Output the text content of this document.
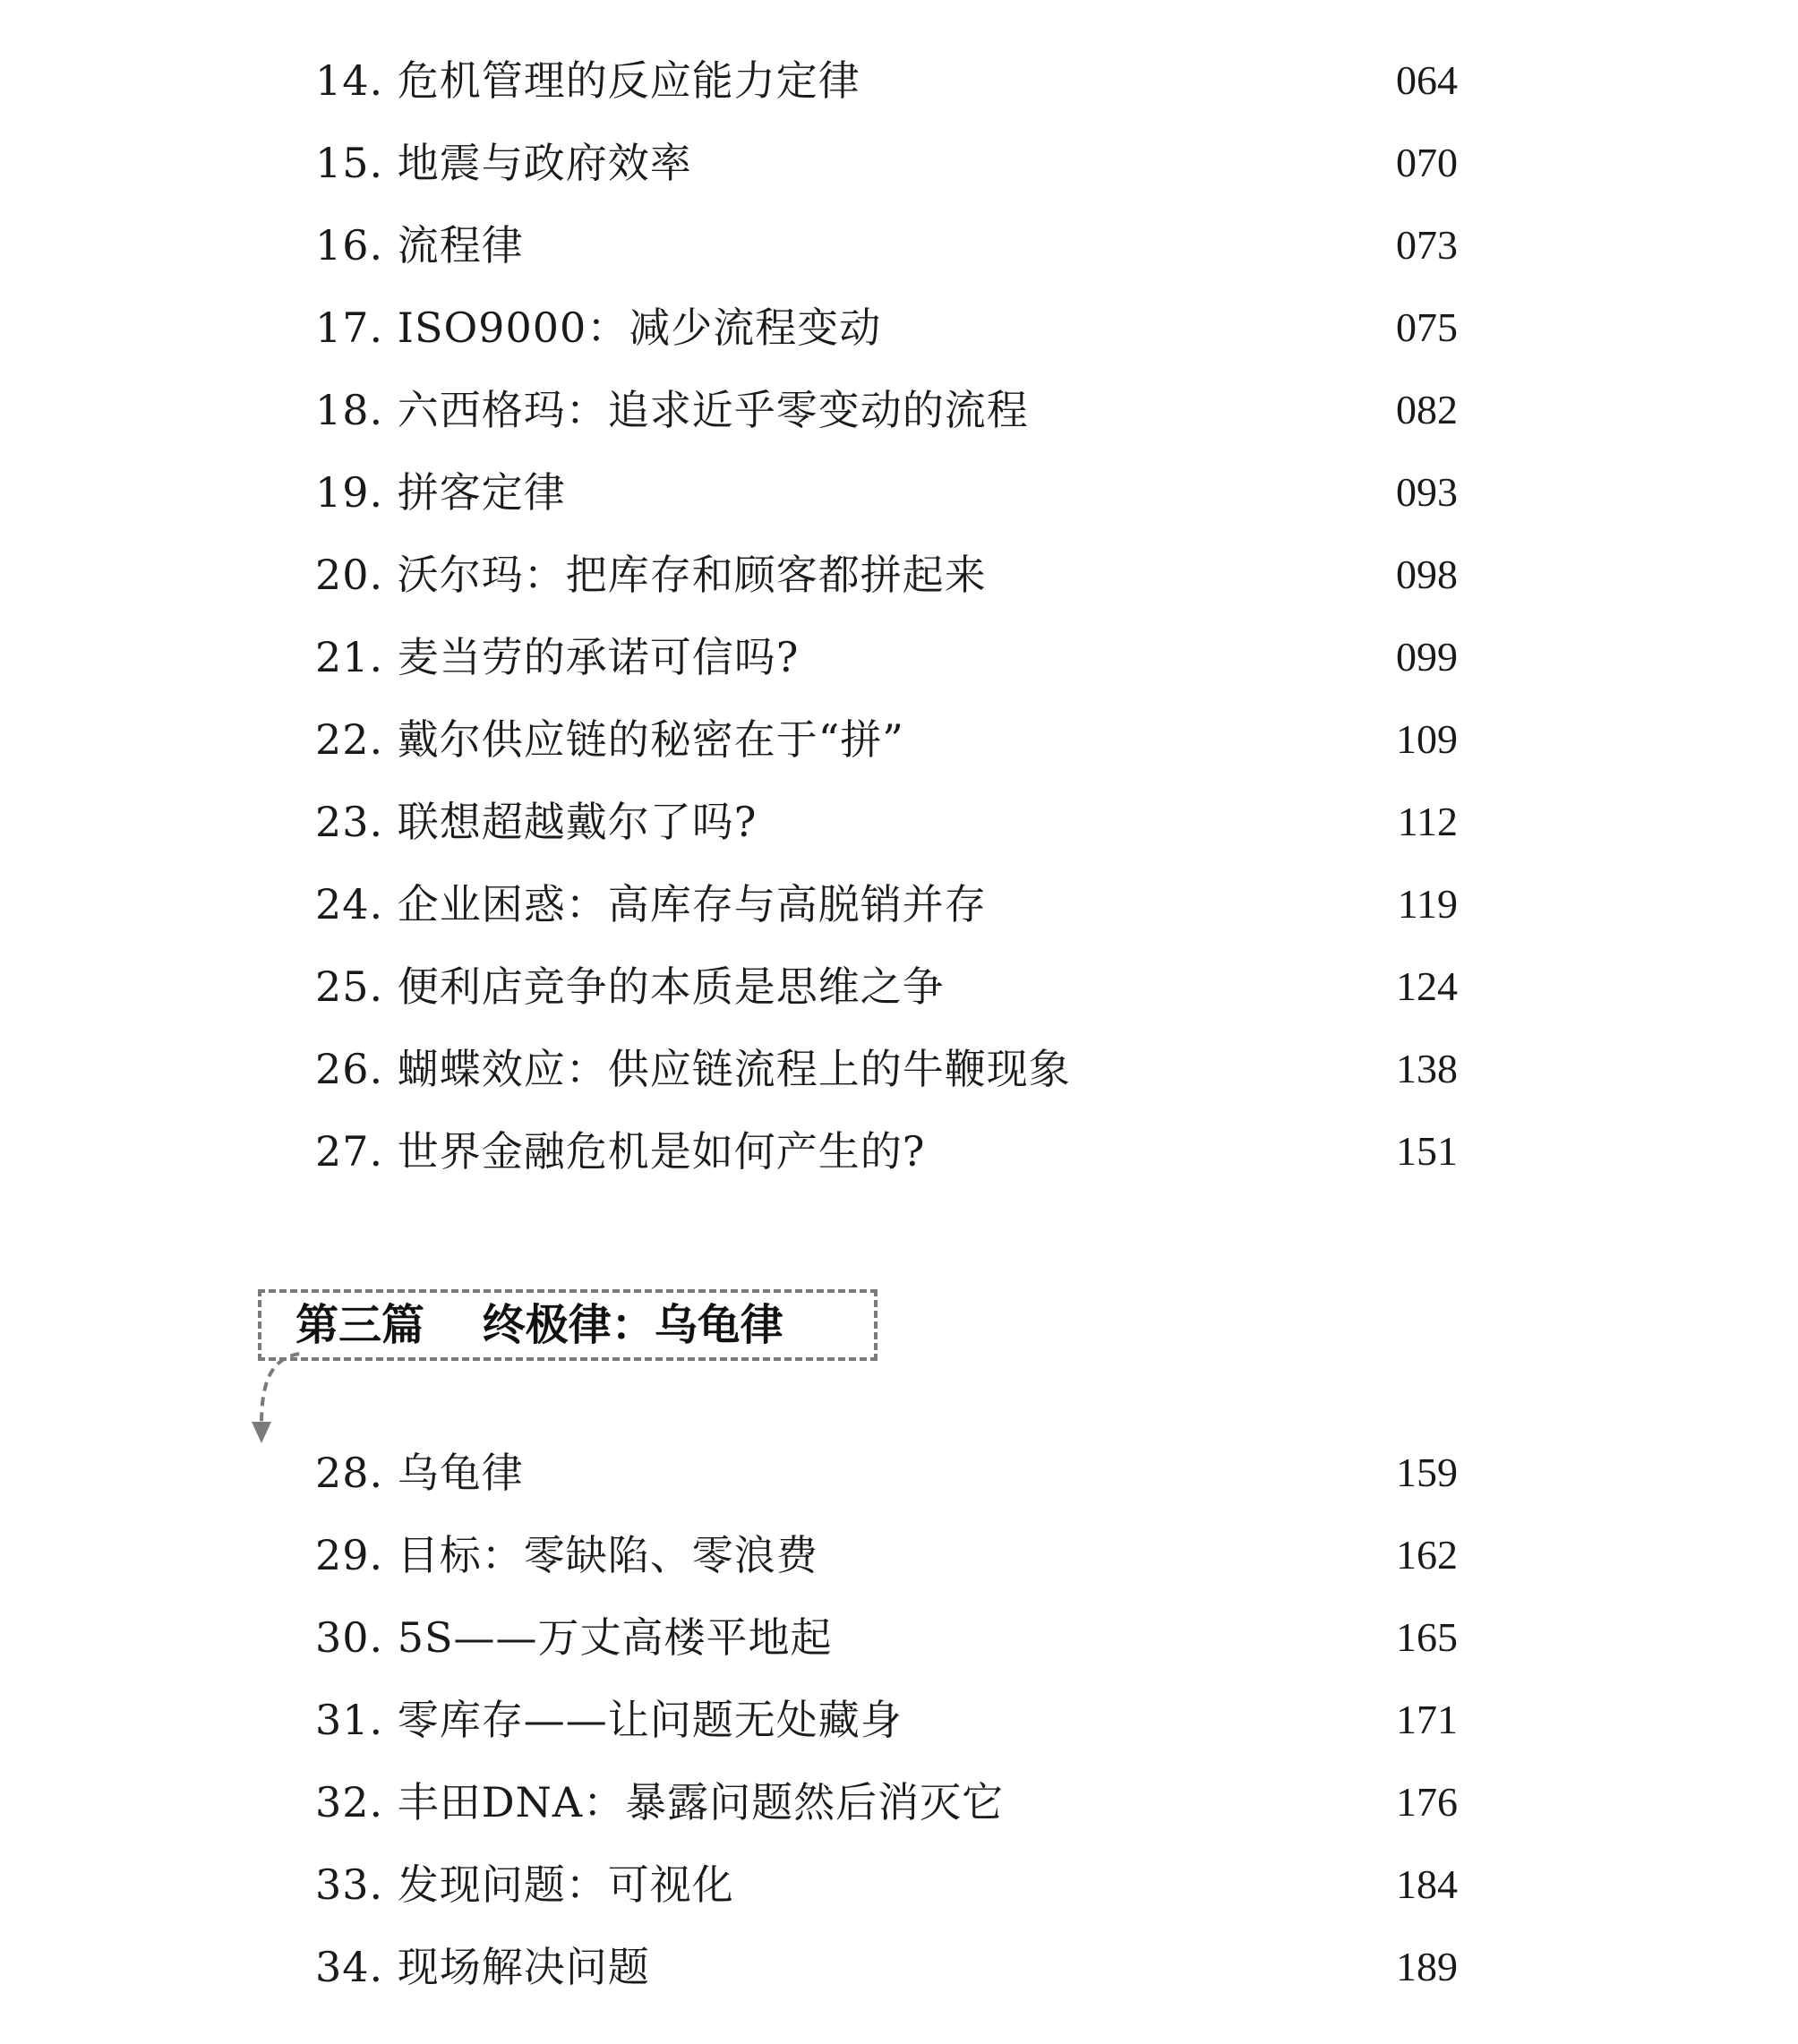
14. 危机管理的反应能力定律	064
15. 地震与政府效率	070
16. 流程律	073
17. ISO9000：减少流程变动	075
18. 六西格玛：追求近乎零变动的流程	082
19. 拼客定律	093
20. 沃尔玛：把库存和顾客都拼起来	098
21. 麦当劳的承诺可信吗?	099
22. 戴尔供应链的秘密在于“拼”	109
23. 联想超越戴尔了吗?	112
24. 企业困惑：高库存与高脱销并存	119
25. 便利店竞争的本质是思维之争	124
26. 蝴蝶效应：供应链流程上的牛鞭现象	138
27. 世界金融危机是如何产生的?	151
第三篇　 终极律：乌龟律
28. 乌龟律	159
29. 目标：零缺陷、零浪费	162
30. 5S——万丈高楼平地起	165
31. 零库存——让问题无处藏身	171
32. 丰田DNA：暴露问题然后消灭它	176
33. 发现问题：可视化	184
34. 现场解决问题	189
